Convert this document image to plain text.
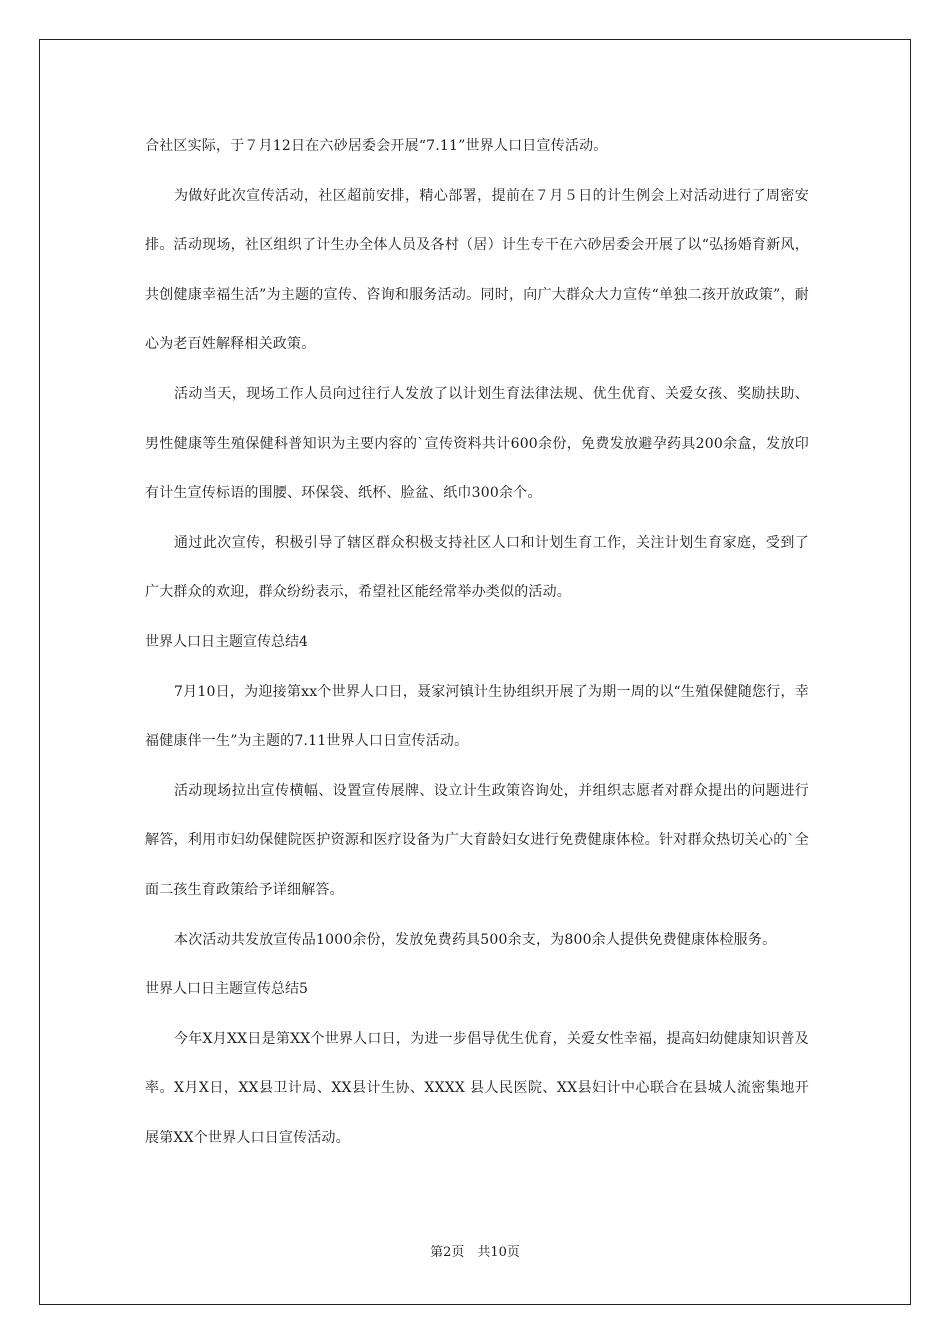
合社区实际，于７月12日在六砂居委会开展“7.11”世界人口日宣传活动。

为做好此次宣传活动，社区超前安排，精心部署，提前在７月５日的计生例会上对活动进行了周密安排。活动现场，社区组织了计生办全体人员及各村（居）计生专干在六砂居委会开展了以“弘扬婚育新风，共创健康幸福生活”为主题的宣传、咨询和服务活动。同时，向广大群众大力宣传“单独二孩开放政策”，耐心为老百姓解释相关政策。

活动当天，现场工作人员向过往行人发放了以计划生育法律法规、优生优育、关爱女孩、奖励扶助、男性健康等生殖保健科普知识为主要内容的`宣传资料共计600余份，免费发放避孕药具200余盒，发放印有计生宣传标语的围腰、环保袋、纸杯、脸盆、纸巾300余个。

通过此次宣传，积极引导了辖区群众积极支持社区人口和计划生育工作，关注计划生育家庭，受到了广大群众的欢迎，群众纷纷表示，希望社区能经常举办类似的活动。

世界人口日主题宣传总结4

7月10日，为迎接第xx个世界人口日，聂家河镇计生协组织开展了为期一周的以“生殖保健随您行，幸福健康伴一生”为主题的7.11世界人口日宣传活动。

活动现场拉出宣传横幅、设置宣传展牌、设立计生政策咨询处，并组织志愿者对群众提出的问题进行解答，利用市妇幼保健院医护资源和医疗设备为广大育龄妇女进行免费健康体检。针对群众热切关心的`全面二孩生育政策给予详细解答。

本次活动共发放宣传品1000余份，发放免费药具500余支，为800余人提供免费健康体检服务。

世界人口日主题宣传总结5

今年X月XX日是第XX个世界人口日，为进一步倡导优生优育，关爱女性幸福，提高妇幼健康知识普及率。X月X日，XX县卫计局、XX县计生协、XXXX 县人民医院、XX县妇计中心联合在县城人流密集地开展第XX个世界人口日宣传活动。

第2页　共10页
